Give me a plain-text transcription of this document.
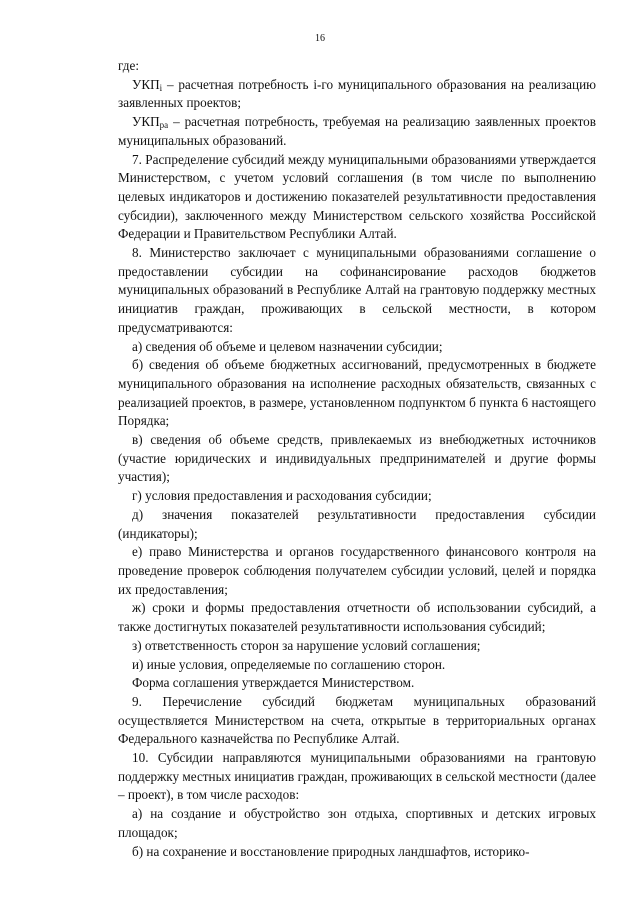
16

где:

$УКП_i$ – расчетная потребность i-го муниципального образования на реализацию заявленных проектов;

$УКП_{ра}$ – расчетная потребность, требуемая на реализацию заявленных проектов муниципальных образований.

7. Распределение субсидий между муниципальными образованиями утверждается Министерством, с учетом условий соглашения (в том числе по выполнению целевых индикаторов и достижению показателей результативности предоставления субсидии), заключенного между Министерством сельского хозяйства Российской Федерации и Правительством Республики Алтай.

8. Министерство заключает с муниципальными образованиями соглашение о предоставлении субсидии на софинансирование расходов бюджетов муниципальных образований в Республике Алтай на грантовую поддержку местных инициатив граждан, проживающих в сельской местности, в котором предусматриваются:

а) сведения об объеме и целевом назначении субсидии;

б) сведения об объеме бюджетных ассигнований, предусмотренных в бюджете муниципального образования на исполнение расходных обязательств, связанных с реализацией проектов, в размере, установленном подпунктом б пункта 6 настоящего Порядка;

в) сведения об объеме средств, привлекаемых из внебюджетных источников (участие юридических и индивидуальных предпринимателей и другие формы участия);

г) условия предоставления и расходования субсидии;

д) значения показателей результативности предоставления субсидии (индикаторы);

е) право Министерства и органов государственного финансового контроля на проведение проверок соблюдения получателем субсидии условий, целей и порядка их предоставления;

ж) сроки и формы предоставления отчетности об использовании субсидий, а также достигнутых показателей результативности использования субсидий;

з) ответственность сторон за нарушение условий соглашения;

и) иные условия, определяемые по соглашению сторон.

Форма соглашения утверждается Министерством.

9. Перечисление субсидий бюджетам муниципальных образований осуществляется Министерством на счета, открытые в территориальных органах Федерального казначейства по Республике Алтай.

10. Субсидии направляются муниципальными образованиями на грантовую поддержку местных инициатив граждан, проживающих в сельской местности (далее – проект), в том числе расходов:

а) на создание и обустройство зон отдыха, спортивных и детских игровых площадок;

б) на сохранение и восстановление природных ландшафтов, историко-
